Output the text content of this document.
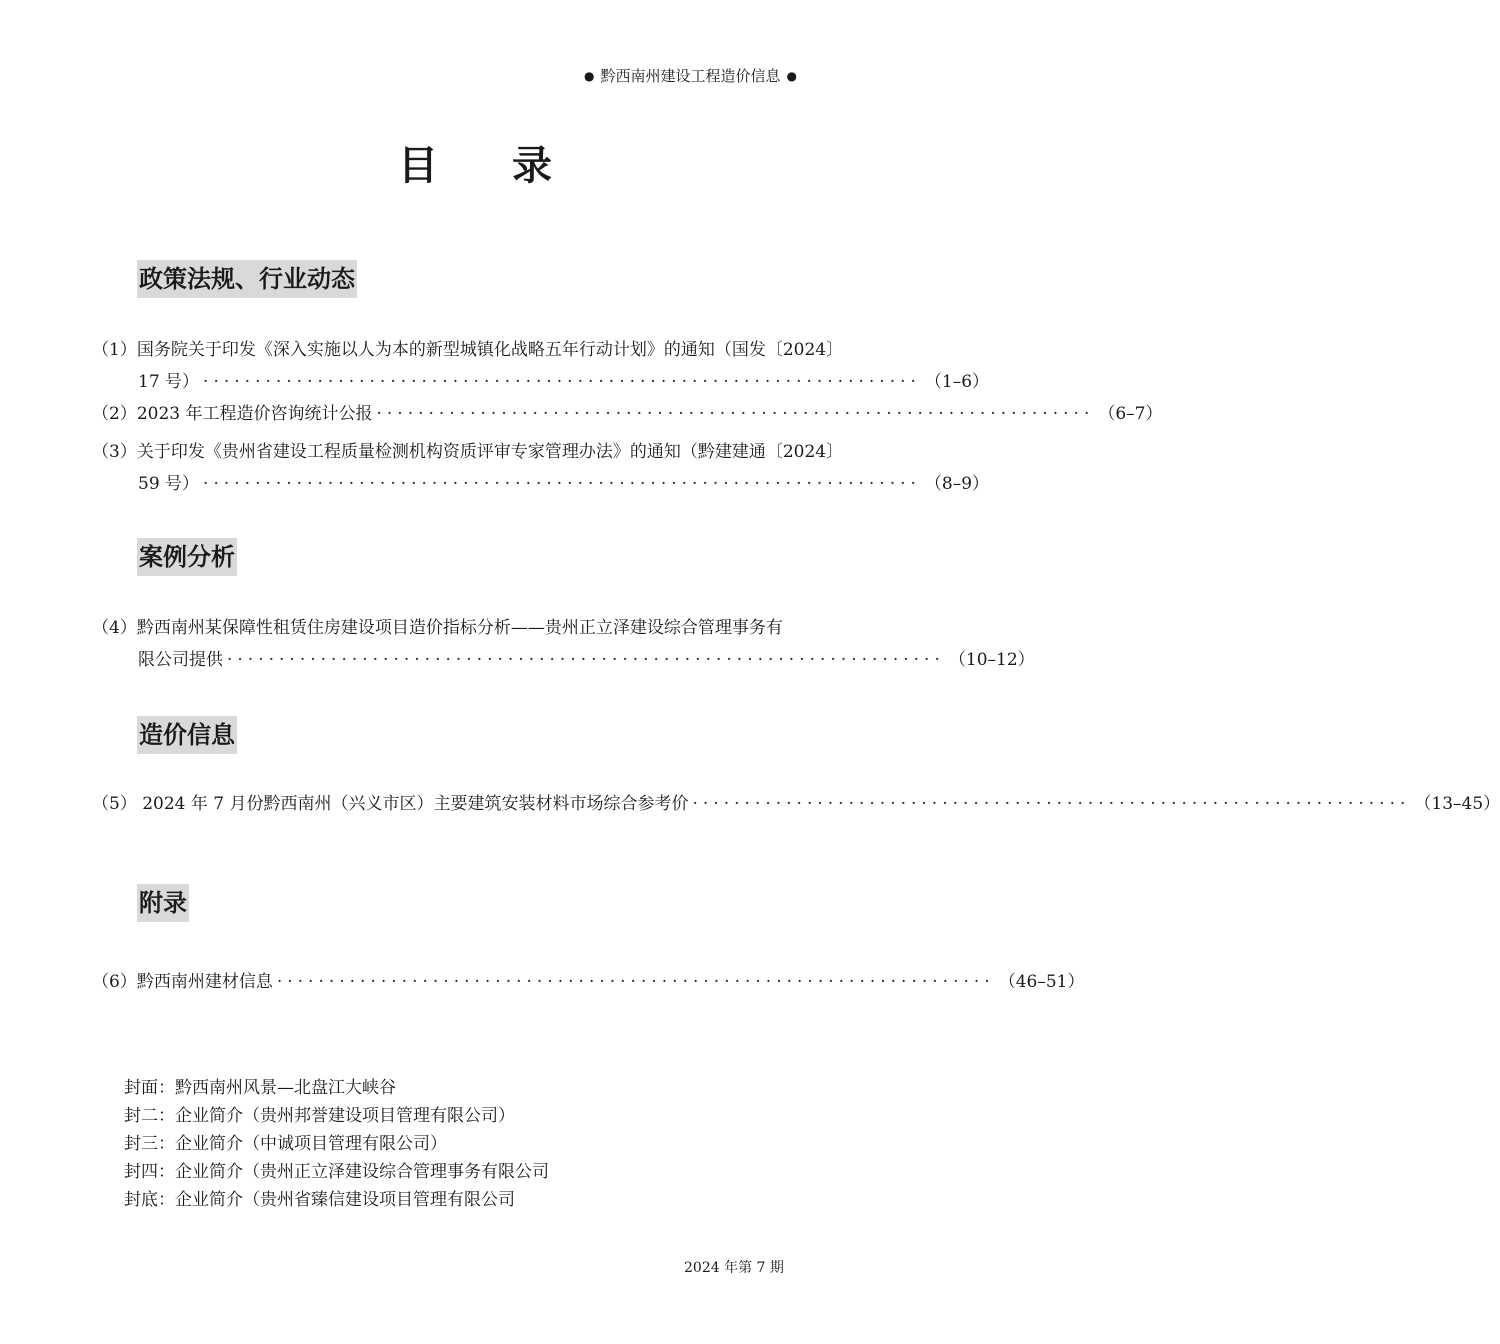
● 黔西南州建设工程造价信息 ●
目 录
政策法规、行业动态
（1）国务院关于印发《深入实施以人为本的新型城镇化战略五年行动计划》的通知（国发〔2024〕
17 号） ····································································· （1–6）
（2）2023 年工程造价咨询统计公报 ····································································· （6–7）
（3）关于印发《贵州省建设工程质量检测机构资质评审专家管理办法》的通知（黔建建通〔2024〕
59 号） ····································································· （8–9）
案例分析
（4）黔西南州某保障性租赁住房建设项目造价指标分析——贵州正立泽建设综合管理事务有
限公司提供 ····································································· （10–12）
造价信息
（5） 2024 年 7 月份黔西南州（兴义市区）主要建筑安装材料市场综合参考价 ····································································· （13–45）
附录
（6）黔西南州建材信息 ····································································· （46–51）
封面：黔西南州风景—北盘江大峡谷
封二：企业简介（贵州邦誉建设项目管理有限公司）
封三：企业简介（中诚项目管理有限公司）
封四：企业简介（贵州正立泽建设综合管理事务有限公司
封底：企业简介（贵州省臻信建设项目管理有限公司
2024 年第 7 期
